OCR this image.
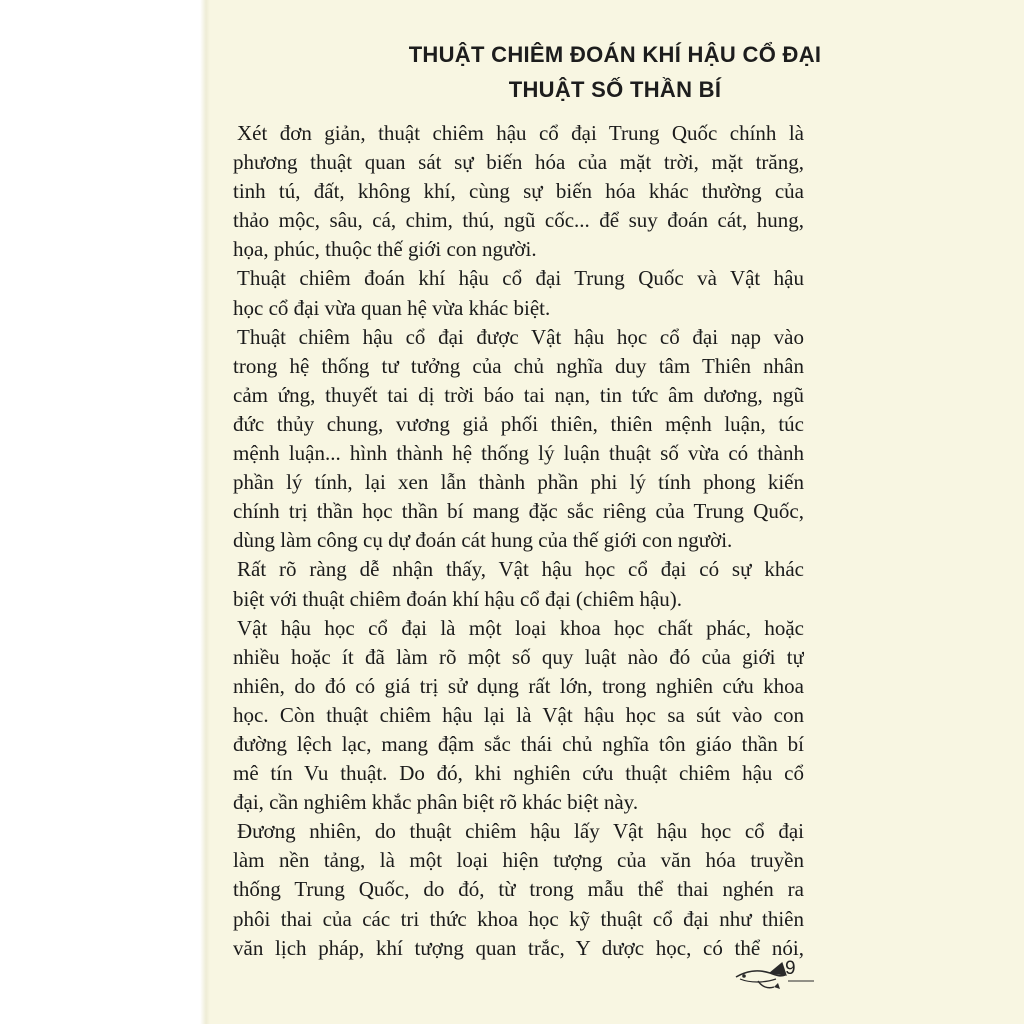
THUẬT CHIÊM ĐOÁN KHÍ HẬU CỔ ĐẠI
THUẬT SỐ THẦN BÍ
Xét đơn giản, thuật chiêm hậu cổ đại Trung Quốc chính là
phương thuật quan sát sự biến hóa của mặt trời, mặt trăng,
tinh tú, đất, không khí, cùng sự biến hóa khác thường của
thảo mộc, sâu, cá, chim, thú, ngũ cốc... để suy đoán cát, hung,
họa, phúc, thuộc thế giới con người.
Thuật chiêm đoán khí hậu cổ đại Trung Quốc và Vật hậu
học cổ đại vừa quan hệ vừa khác biệt.
Thuật chiêm hậu cổ đại được Vật hậu học cổ đại nạp vào
trong hệ thống tư tưởng của chủ nghĩa duy tâm Thiên nhân
cảm ứng, thuyết tai dị trời báo tai nạn, tin tức âm dương, ngũ
đức thủy chung, vương giả phối thiên, thiên mệnh luận, túc
mệnh luận... hình thành hệ thống lý luận thuật số vừa có thành
phần lý tính, lại xen lẫn thành phần phi lý tính phong kiến
chính trị thần học thần bí mang đặc sắc riêng của Trung Quốc,
dùng làm công cụ dự đoán cát hung của thế giới con người.
Rất rõ ràng dễ nhận thấy, Vật hậu học cổ đại có sự khác
biệt với thuật chiêm đoán khí hậu cổ đại (chiêm hậu).
Vật hậu học cổ đại là một loại khoa học chất phác, hoặc
nhiều hoặc ít đã làm rõ một số quy luật nào đó của giới tự
nhiên, do đó có giá trị sử dụng rất lớn, trong nghiên cứu khoa
học. Còn thuật chiêm hậu lại là Vật hậu học sa sút vào con
đường lệch lạc, mang đậm sắc thái chủ nghĩa tôn giáo thần bí
mê tín Vu thuật. Do đó, khi nghiên cứu thuật chiêm hậu cổ
đại, cần nghiêm khắc phân biệt rõ khác biệt này.
Đương nhiên, do thuật chiêm hậu lấy Vật hậu học cổ đại
làm nền tảng, là một loại hiện tượng của văn hóa truyền
thống Trung Quốc, do đó, từ trong mẫu thể thai nghén ra
phôi thai của các tri thức khoa học kỹ thuật cổ đại như thiên
văn lịch pháp, khí tượng quan trắc, Y dược học, có thể nói,
9
